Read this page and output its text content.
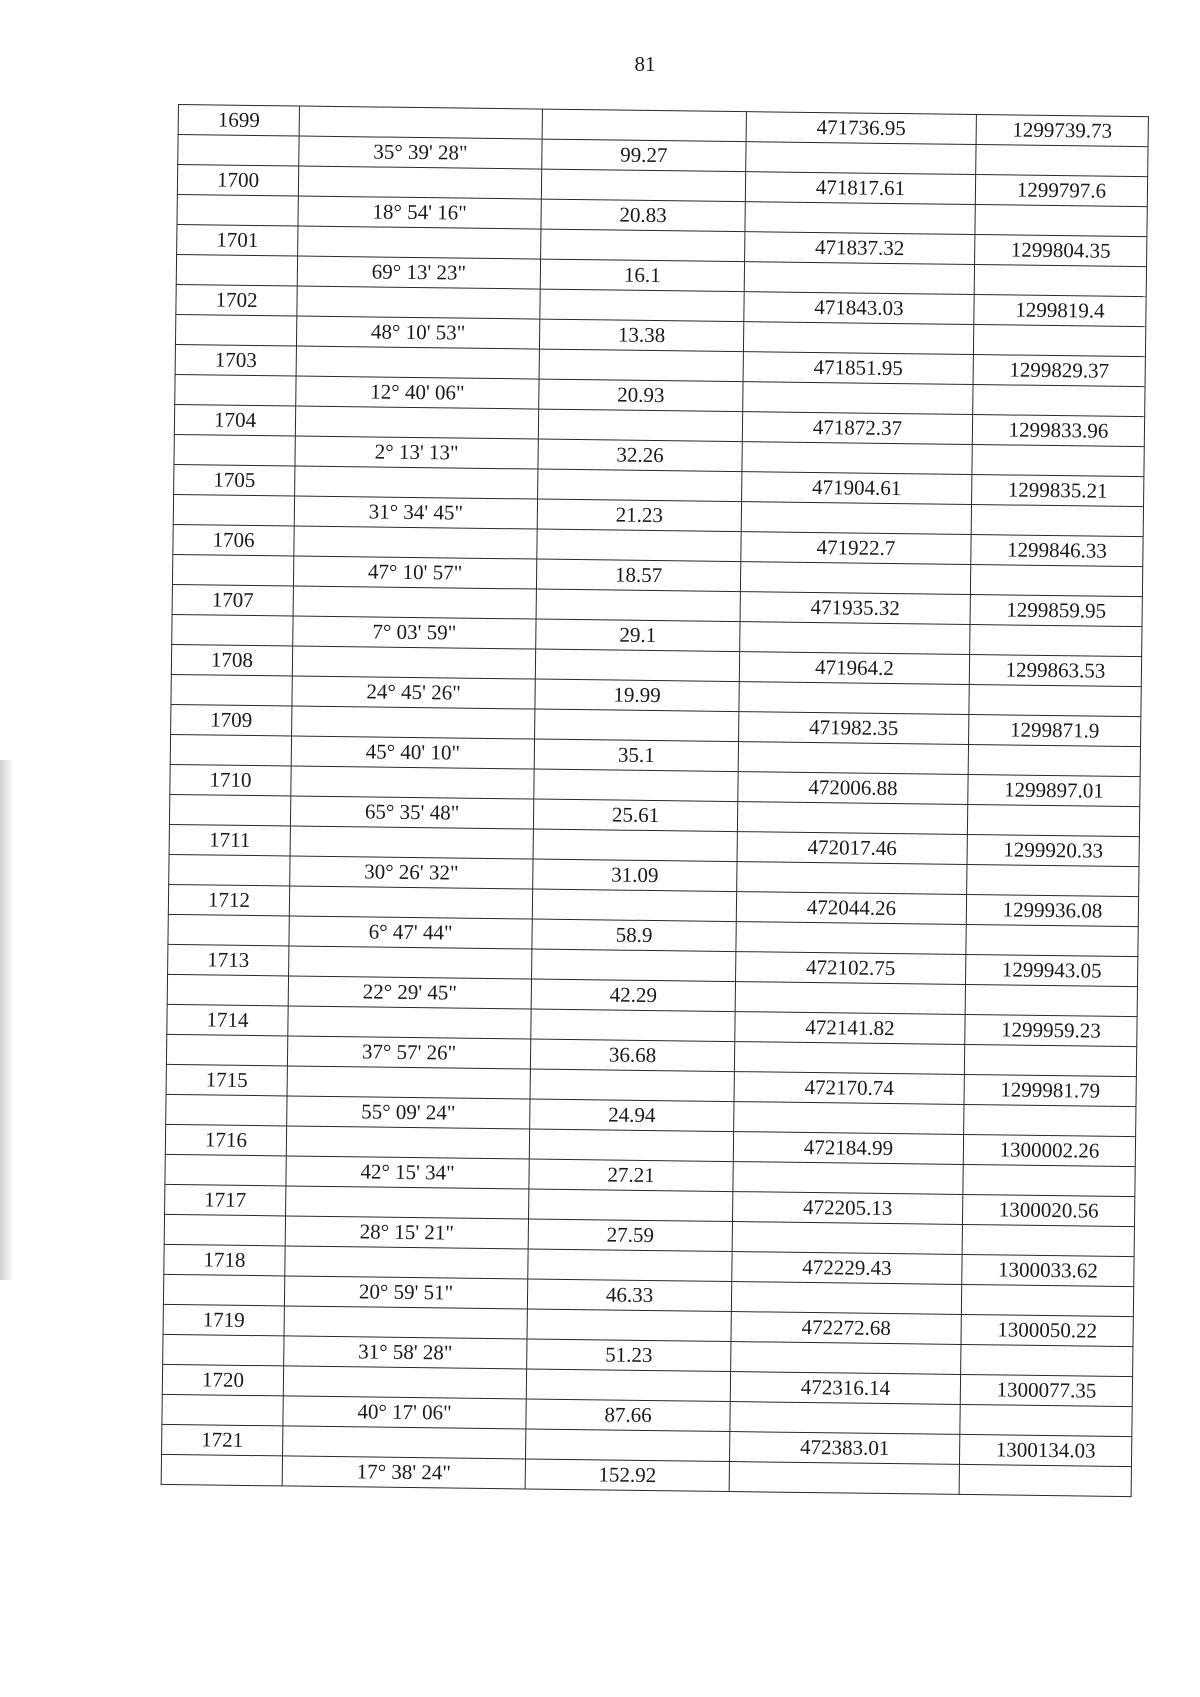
81
1699			471736.95	1299739.73
	35° 39' 28"	99.27		
1700			471817.61	1299797.6
	18° 54' 16"	20.83		
1701			471837.32	1299804.35
	69° 13' 23"	16.1		
1702			471843.03	1299819.4
	48° 10' 53"	13.38		
1703			471851.95	1299829.37
	12° 40' 06"	20.93		
1704			471872.37	1299833.96
	2° 13' 13"	32.26		
1705			471904.61	1299835.21
	31° 34' 45"	21.23		
1706			471922.7	1299846.33
	47° 10' 57"	18.57		
1707			471935.32	1299859.95
	7° 03' 59"	29.1		
1708			471964.2	1299863.53
	24° 45' 26"	19.99		
1709			471982.35	1299871.9
	45° 40' 10"	35.1		
1710			472006.88	1299897.01
	65° 35' 48"	25.61		
1711			472017.46	1299920.33
	30° 26' 32"	31.09		
1712			472044.26	1299936.08
	6° 47' 44"	58.9		
1713			472102.75	1299943.05
	22° 29' 45"	42.29		
1714			472141.82	1299959.23
	37° 57' 26"	36.68		
1715			472170.74	1299981.79
	55° 09' 24"	24.94		
1716			472184.99	1300002.26
	42° 15' 34"	27.21		
1717			472205.13	1300020.56
	28° 15' 21"	27.59		
1718			472229.43	1300033.62
	20° 59' 51"	46.33		
1719			472272.68	1300050.22
	31° 58' 28"	51.23		
1720			472316.14	1300077.35
	40° 17' 06"	87.66		
1721			472383.01	1300134.03
	17° 38' 24"	152.92		
